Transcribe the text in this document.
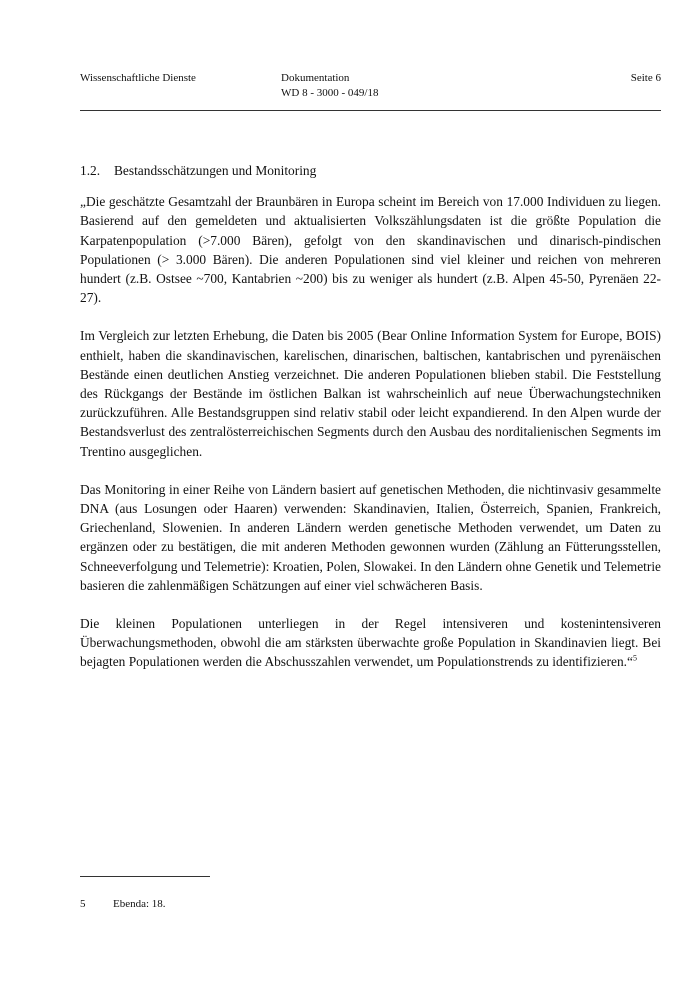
Wissenschaftliche Dienste	Dokumentation
WD 8 - 3000 - 049/18
Seite 6
1.2. Bestandsschätzungen und Monitoring

„Die geschätzte Gesamtzahl der Braunbären in Europa scheint im Bereich von 17.000 Individuen zu liegen. Basierend auf den gemeldeten und aktualisierten Volkszählungsdaten ist die größte Population die Karpatenpopulation (>7.000 Bären), gefolgt von den skandinavischen und dinarisch-pindischen Populationen (> 3.000 Bären). Die anderen Populationen sind viel kleiner und reichen von mehreren hundert (z.B. Ostsee ~700, Kantabrien ~200) bis zu weniger als hundert (z.B. Alpen 45-50, Pyrenäen 22-27).

Im Vergleich zur letzten Erhebung, die Daten bis 2005 (Bear Online Information System for Europe, BOIS) enthielt, haben die skandinavischen, karelischen, dinarischen, baltischen, kantabrischen und pyrenäischen Bestände einen deutlichen Anstieg verzeichnet. Die anderen Populationen blieben stabil. Die Feststellung des Rückgangs der Bestände im östlichen Balkan ist wahrscheinlich auf neue Überwachungstechniken zurückzuführen. Alle Bestandsgruppen sind relativ stabil oder leicht expandierend. In den Alpen wurde der Bestandsverlust des zentralösterreichischen Segments durch den Ausbau des norditalienischen Segments im Trentino ausgeglichen.

Das Monitoring in einer Reihe von Ländern basiert auf genetischen Methoden, die nichtinvasiv gesammelte DNA (aus Losungen oder Haaren) verwenden: Skandinavien, Italien, Österreich, Spanien, Frankreich, Griechenland, Slowenien. In anderen Ländern werden genetische Methoden verwendet, um Daten zu ergänzen oder zu bestätigen, die mit anderen Methoden gewonnen wurden (Zählung an Fütterungsstellen, Schneeverfolgung und Telemetrie): Kroatien, Polen, Slowakei. In den Ländern ohne Genetik und Telemetrie basieren die zahlenmäßigen Schätzungen auf einer viel schwächeren Basis.

Die kleinen Populationen unterliegen in der Regel intensiveren und kostenintensiveren Überwachungsmethoden, obwohl die am stärksten überwachte große Population in Skandinavien liegt. Bei bejagten Populationen werden die Abschusszahlen verwendet, um Populationstrends zu identifizieren.“$^5$

5	Ebenda: 18.
